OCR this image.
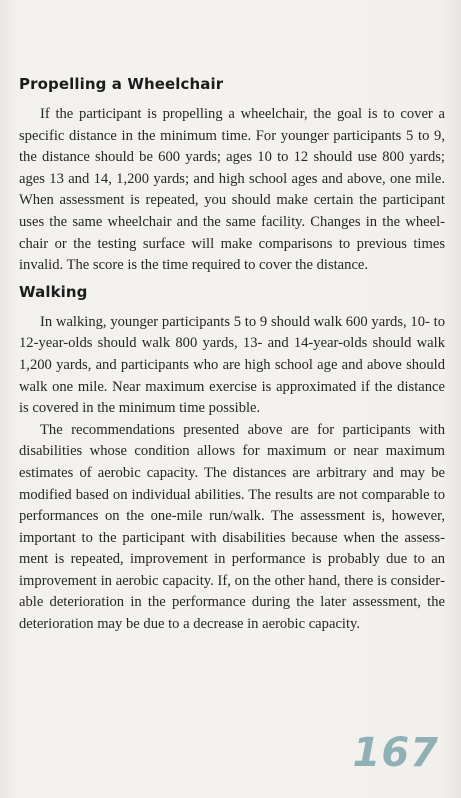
Propelling a Wheelchair

If the participant is propelling a wheelchair, the goal is to cover a specific distance in the minimum time. For younger participants 5 to 9, the distance should be 600 yards; ages 10 to 12 should use 800 yards; ages 13 and 14, 1,200 yards; and high school ages and above, one mile. When assessment is repeated, you should make certain the participant uses the same wheelchair and the same facility. Changes in the wheelchair or the testing surface will make comparisons to previous times invalid. The score is the time required to cover the distance.

Walking

In walking, younger participants 5 to 9 should walk 600 yards, 10- to 12-year-olds should walk 800 yards, 13- and 14-year-olds should walk 1,200 yards, and participants who are high school age and above should walk one mile. Near maximum exercise is approximated if the distance is covered in the minimum time possible.

The recommendations presented above are for participants with disabilities whose condition allows for maximum or near maximum estimates of aerobic capacity. The distances are arbitrary and may be modified based on individual abilities. The results are not comparable to performances on the one-mile run/walk. The assessment is, however, important to the participant with disabilities because when the assessment is repeated, improvement in performance is probably due to an improvement in aerobic capacity. If, on the other hand, there is considerable deterioration in the performance during the later assessment, the deterioration may be due to a decrease in aerobic capacity.

167
